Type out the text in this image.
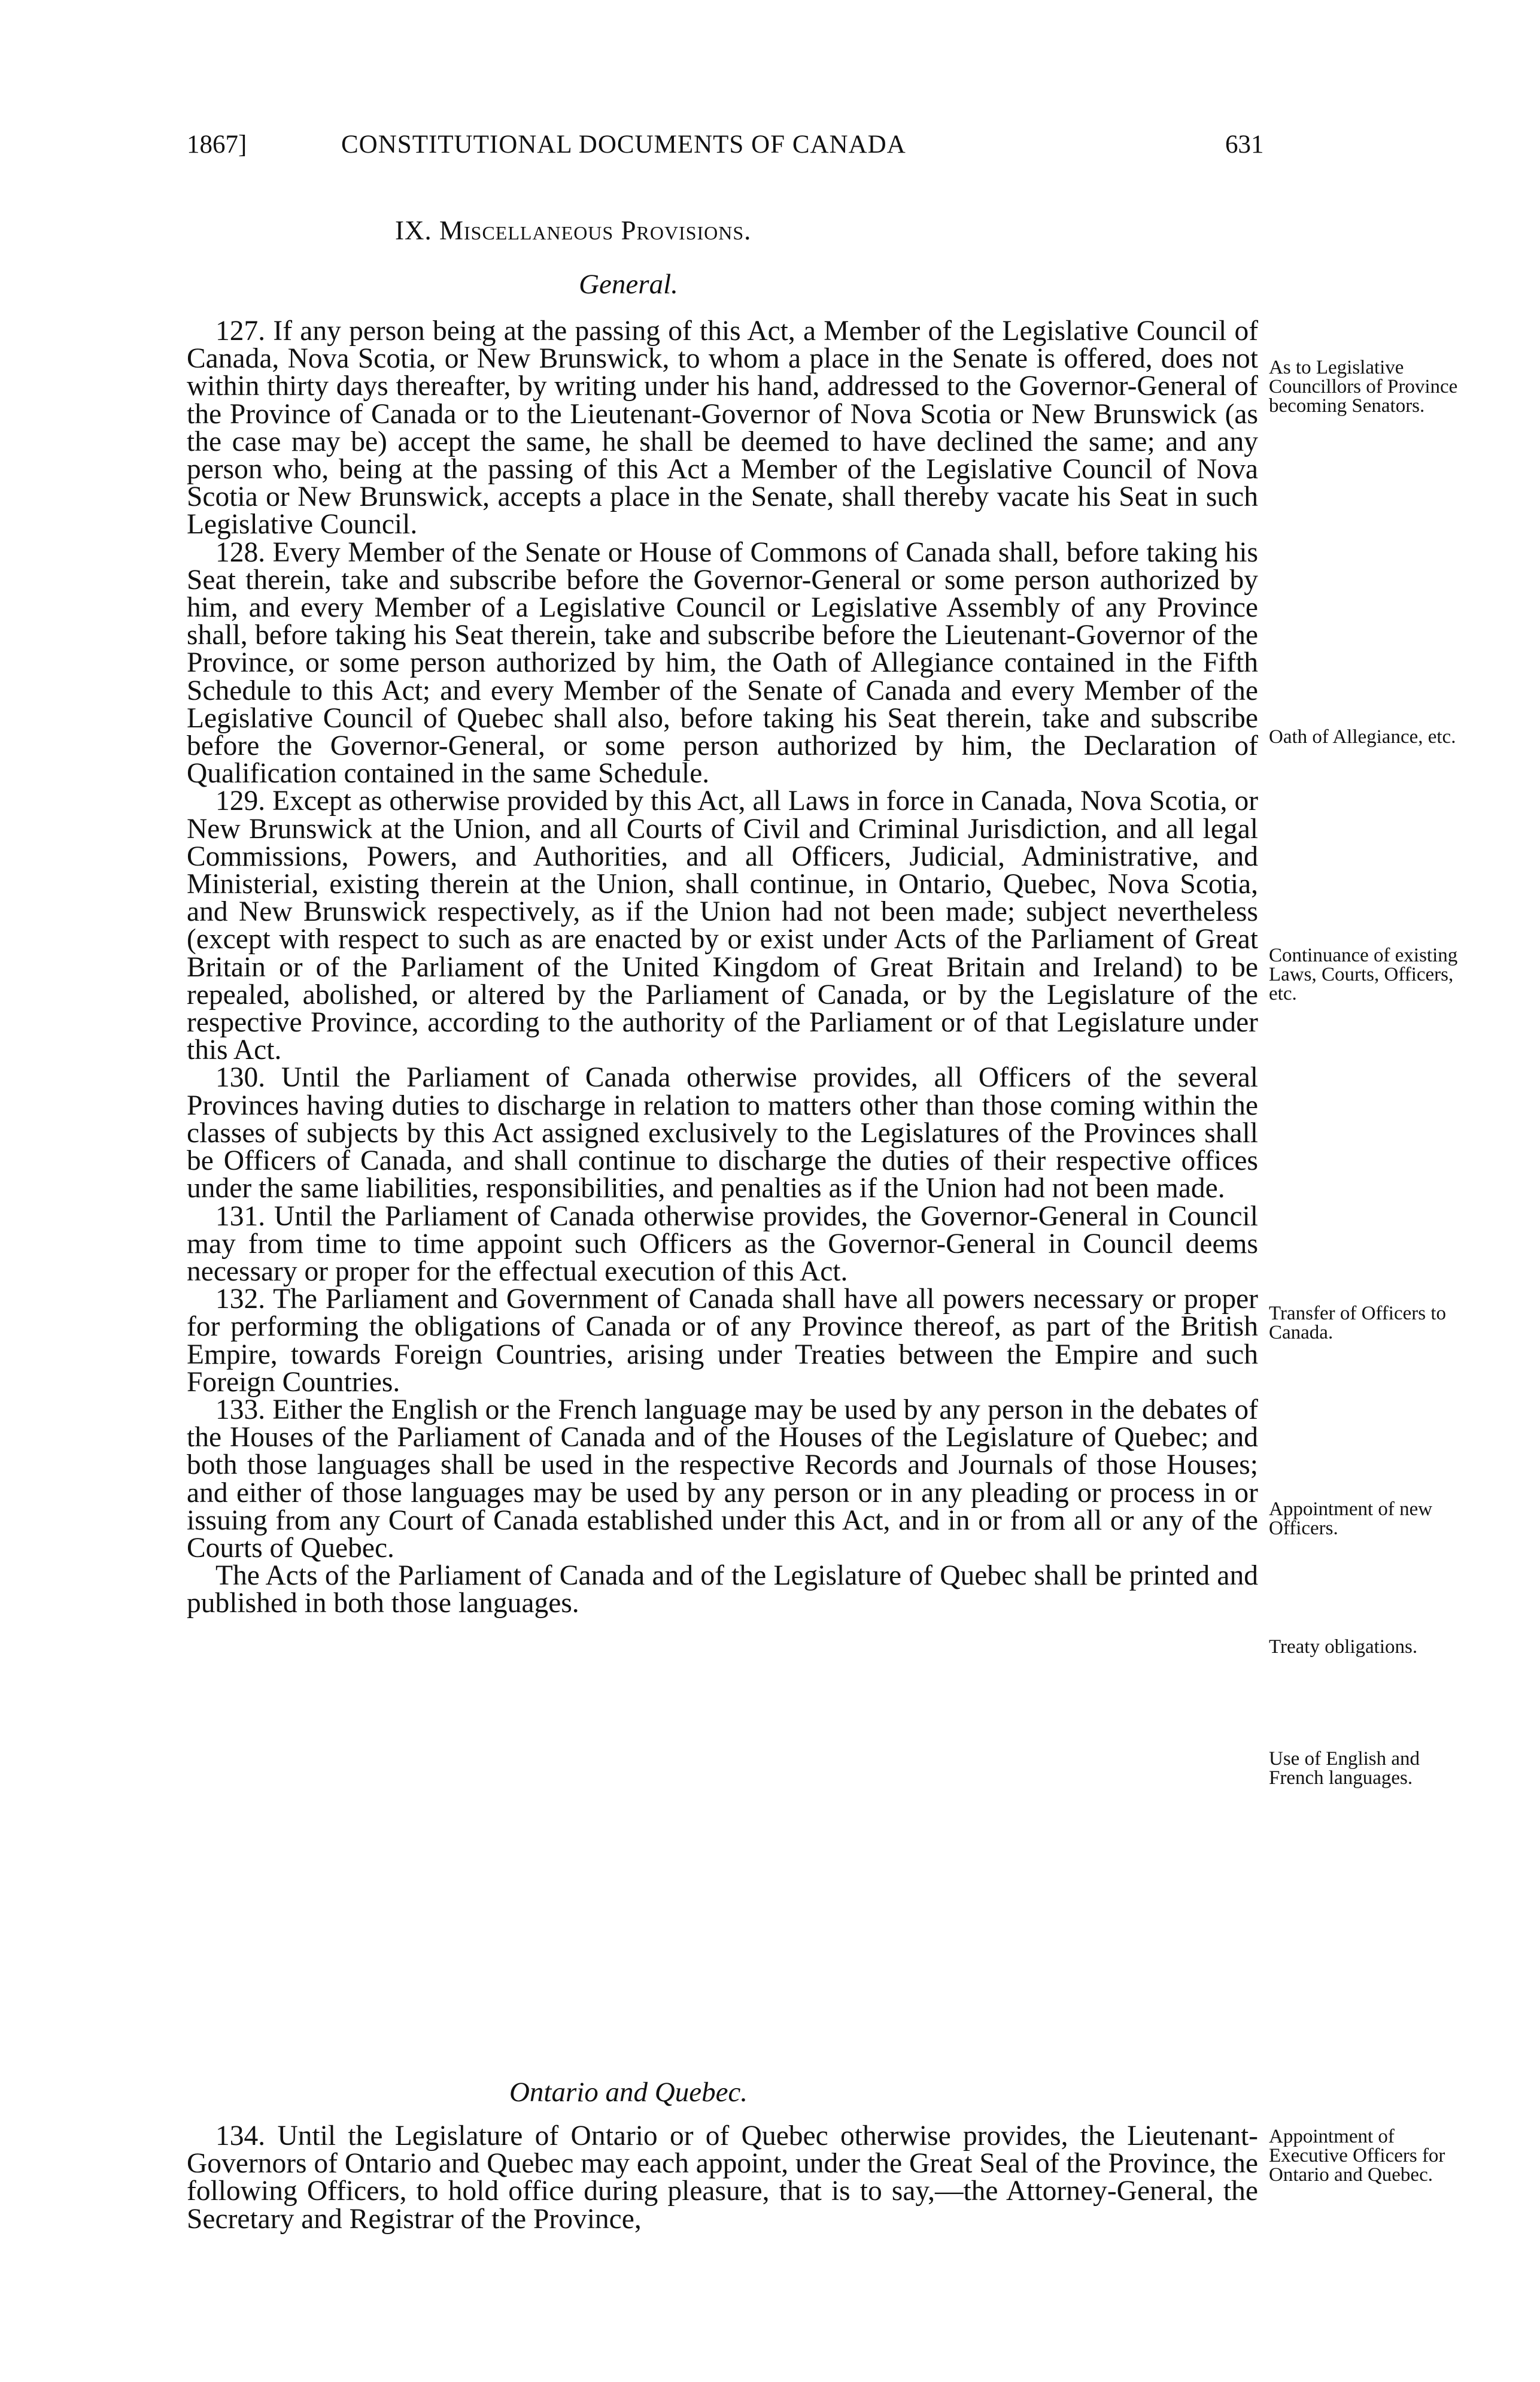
1867]	CONSTITUTIONAL DOCUMENTS OF CANADA	631
IX. Miscellaneous Provisions.
General.

127. If any person being at the passing of this Act, a Member of the Legislative Council of Canada, Nova Scotia, or New Brunswick, to whom a place in the Senate is offered, does not within thirty days thereafter, by writing under his hand, addressed to the Governor-General of the Province of Canada or to the Lieutenant-Governor of Nova Scotia or New Brunswick (as the case may be) accept the same, he shall be deemed to have declined the same; and any person who, being at the passing of this Act a Member of the Legislative Council of Nova Scotia or New Brunswick, accepts a place in the Senate, shall thereby vacate his Seat in such Legislative Council.

128. Every Member of the Senate or House of Commons of Canada shall, before taking his Seat therein, take and subscribe before the Governor-General or some person authorized by him, and every Member of a Legislative Council or Legislative Assembly of any Province shall, before taking his Seat therein, take and subscribe before the Lieutenant-Governor of the Province, or some person authorized by him, the Oath of Allegiance contained in the Fifth Schedule to this Act; and every Member of the Senate of Canada and every Member of the Legislative Council of Quebec shall also, before taking his Seat therein, take and subscribe before the Governor-General, or some person authorized by him, the Declaration of Qualification contained in the same Schedule.

129. Except as otherwise provided by this Act, all Laws in force in Canada, Nova Scotia, or New Brunswick at the Union, and all Courts of Civil and Criminal Jurisdiction, and all legal Commissions, Powers, and Authorities, and all Officers, Judicial, Administrative, and Ministerial, existing therein at the Union, shall continue, in Ontario, Quebec, Nova Scotia, and New Brunswick respectively, as if the Union had not been made; subject nevertheless (except with respect to such as are enacted by or exist under Acts of the Parliament of Great Britain or of the Parliament of the United Kingdom of Great Britain and Ireland) to be repealed, abolished, or altered by the Parliament of Canada, or by the Legislature of the respective Province, according to the authority of the Parliament or of that Legislature under this Act.

130. Until the Parliament of Canada otherwise provides, all Officers of the several Provinces having duties to discharge in relation to matters other than those coming within the classes of subjects by this Act assigned exclusively to the Legislatures of the Provinces shall be Officers of Canada, and shall continue to discharge the duties of their respective offices under the same liabilities, responsibilities, and penalties as if the Union had not been made.

131. Until the Parliament of Canada otherwise provides, the Governor-General in Council may from time to time appoint such Officers as the Governor-General in Council deems necessary or proper for the effectual execution of this Act.

132. The Parliament and Government of Canada shall have all powers necessary or proper for performing the obligations of Canada or of any Province thereof, as part of the British Empire, towards Foreign Countries, arising under Treaties between the Empire and such Foreign Countries.

133. Either the English or the French language may be used by any person in the debates of the Houses of the Parliament of Canada and of the Houses of the Legislature of Quebec; and both those languages shall be used in the respective Records and Journals of those Houses; and either of those languages may be used by any person or in any pleading or process in or issuing from any Court of Canada established under this Act, and in or from all or any of the Courts of Quebec.

The Acts of the Parliament of Canada and of the Legislature of Quebec shall be printed and published in both those languages.

Ontario and Quebec.

134. Until the Legislature of Ontario or of Quebec otherwise provides, the Lieutenant-Governors of Ontario and Quebec may each appoint, under the Great Seal of the Province, the following Officers, to hold office during pleasure, that is to say,—the Attorney-General, the Secretary and Registrar of the Province,

As to Legislative Councillors of Province becoming Senators.
Oath of Allegiance, etc.
Continuance of existing Laws, Courts, Officers, etc.
Transfer of Officers to Canada.
Appointment of new Officers.
Treaty obligations.
Use of English and French languages.
Appointment of Executive Officers for Ontario and Quebec.
